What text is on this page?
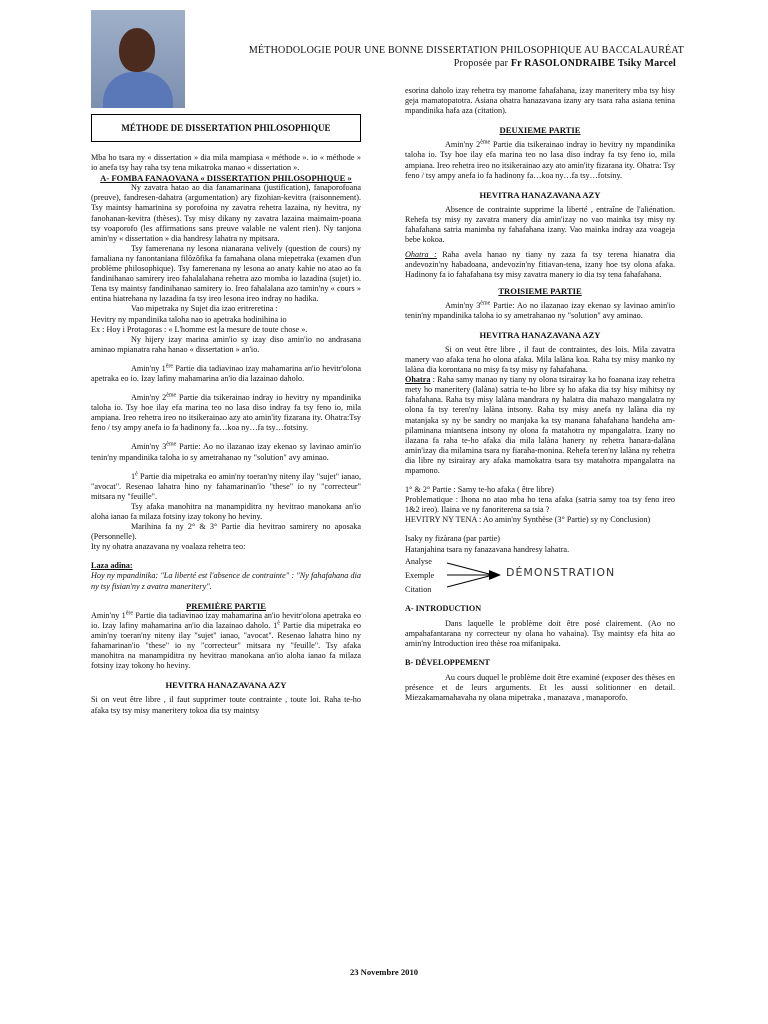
MÉTHODOLOGIE POUR UNE BONNE DISSERTATION PHILOSOPHIQUE AU BACCALAURÉAT
Proposée par Fr RASOLONDRAIBE Tsiky Marcel
MÉTHODE DE DISSERTATION PHILOSOPHIQUE

Mba ho tsara ny « dissertation » dia mila mampiasa « méthode ». io « méthode » io anefa tsy hay raha tsy tena mikatroka manao « dissertation ».

A- FOMBA FANAOVANA « DISSERTATION PHILOSOPHIQUE »

Ny zavatra hatao ao dia fanamarinana (justification), fanaporofoana (preuve), fandresen-dahatra (argumentation) ary fizohian-kevitra (raisonnement). Tsy maintsy hamarinina sy porofoina ny zavatra rehetra lazaina, ny hevitra, ny fanohanan-kevitra (thèses). Tsy misy dikany ny zavatra lazaina maimaim-poana tsy voaporofo (les affirmations sans preuve valable ne valent rien). Ny tanjona amin'ny « dissertation » dia handresy lahatra ny mpitsara.

Tsy famerenana ny lesona nianarana velively (question de cours) ny famaliana ny fanontaniana filôzôfika fa famahana olana miepetraka (examen d'un problème philosophique). Tsy famerenana ny lesona ao anaty kahie no atao ao fa fandinihanao samirery ireo fahalalahana rehetra azo momba io lazadina (sujet) io. Tena tsy maintsy fandinihanao samirery io. Ireo fahalalana azo tamin'ny « cours » entina hiatrehana ny lazadina fa tsy ireo lesona ireo indray no hadika.

Vao mipetraka ny Sujet dia izao eritreretina :

Hevitry ny mpandinika taloha nao io apetraka hodinihina io

Ex : Hoy i Protagoras : « L'homme est la mesure de toute chose ».

Ny hijery izay marina amin'io sy izay diso amin'io no andrasana aminao mpianatra raha hanao « dissertation » an'io.

Amin'ny 1ère Partie dia tadiavinao izay mahamarina an'io hevitr'olona apetraka eo io. Izay lafiny mahamarina an'io dia lazainao daholo.

Amin'ny 2ème Partie dia tsikerainao indray io hevitry ny mpandinika taloha io. Tsy hoe ilay efa marina teo no lasa diso indray fa tsy feno io, mila ampiana. Ireo rehetra ireo no itsikerainao azy ato amin'ity fizarana ity. Ohatra:Tsy feno / tsy ampy anefa io fa hadinony fa…koa ny…fa tsy…fotsiny.

Amin'ny 3ème Partie: Ao no ilazanao izay ekenao sy lavinao amin'io tenin'ny mpandinika taloha io sy ametrahanao ny "solution" avy aminao.

$1^è$ Partie dia mipetraka eo amin'ny toeran'ny niteny ilay "sujet" ianao, "avocat". Resenao lahatra hino ny fahamarinan'io "these" io ny "correcteur" mitsara ny "feuille".

Tsy afaka manohitra na manampiditra ny hevitrao manokana an'io aloha ianao fa milaza fotsiny izay tokony ho heviny.

Marihina fa ny 2° & 3° Partie dia hevitrao samirery no aposaka (Personnelle).

Ity ny ohatra anazavana ny voalaza rehetra teo:

Laza adina:

Hoy ny mpandinika: "La liberté est l'absence de contrainte" : "Ny fahafahana dia ny tsy fisian'ny z avatra maneritery".

PREMIÈRE PARTIE

Amin'ny 1ère Partie dia tadiavinao izay mahamarina an'io hevitr'olona apetraka eo io. Izay lafiny mahamarina an'io dia lazainao daholo. $1^è$ Partie dia mipetraka eo amin'ny toeran'ny niteny ilay "sujet" ianao, "avocat". Resenao lahatra hino ny fahamarinan'io "these" io ny "correcteur" mitsara ny "feuille". Tsy afaka manohitra na manampiditra ny hevitrao manokana an'io aloha ianao fa milaza fotsiny izay tokony ho heviny.

HEVITRA HANAZAVANA AZY

Si on veut être libre , il faut supprimer toute contrainte , toute loi. Raha te-ho afaka tsy tsy misy maneritery tokoa dia tsy maintsy

esorina daholo izay rehetra tsy manome fahafahana, izay maneritery mba tsy hisy geja mamatopatotra. Asiana ohatra hanazavana izany ary tsara raha asiana tenina mpandinika hafa aza (citation).

DEUXIEME PARTIE

Amin'ny 2ème Partie dia tsikerainao indray io hevitry ny mpandinika taloha io. Tsy hoe ilay efa marina teo no lasa diso indray fa tsy feno io, mila ampiana. Ireo rehetra ireo no itsikerainao azy ato amin'ity fizarana ity. Ohatra: Tsy feno / tsy ampy anefa io fa hadinony fa…koa ny…fa tsy…fotsiny.

HEVITRA HANAZAVANA AZY

Absence de contrainte supprime la liberté , entraîne de l'aliénation. Rehefa tsy misy ny zavatra manery dia amin'izay no vao mainka tsy misy ny fahafahana satria manimba ny fahafahana izany. Vao mainka indray aza voageja bebe kokoa.

Ohatra : Raha avela hanao ny tiany ny zaza fa tsy terena hianatra dia andevozin'ny habadoana, andevozin'ny fitiavan-tena, izany hoe tsy olona afaka. Hadinony fa io fahafahana tsy misy zavatra manery io dia tsy tena fahafahana.

TROISIEME PARTIE

Amin'ny 3ème Partie: Ao no ilazanao izay ekenao sy lavinao amin'io tenin'ny mpandinika taloha io sy ametrahanao ny "solution" avy aminao.

HEVITRA HANAZAVANA AZY

Si on veut être libre , il faut de contraintes, des lois. Mila zavatra manery vao afaka tena ho olona afaka. Mila lalàna koa. Raha tsy misy manko ny lalàna dia korontana no misy fa tsy misy ny fahafahana.

Ohatra : Raha samy manao ny tiany ny olona tsirairay ka ho foanana izay rehetra mety ho maneritery (lalàna) satria te-ho libre sy ho afaka dia tsy hisy mihitsy ny fahafahana. Raha tsy misy lalàna mandrara ny halatra dia mahazo mangalatra ny olona fa tsy teren'ny lalàna intsony. Raha tsy misy anefa ny lalàna dia ny matanjaka sy ny be sandry no manjaka ka tsy manana fahafahana handeha am-pilaminana miantsena intsony ny olona fa matahotra ny mpangalatra. Izany no ilazana fa raha te-ho afaka dia mila lalàna hanery ny rehetra hanara-dalàna amin'izay dia milamina tsara ny fiaraha-monina. Rehefa teren'ny lalàna ny rehetra dia libre ny tsirairay ary afaka mamokatra tsara tsy matahotra mpangalatra na mpamono.

1° & 2° Partie : Samy te-ho afaka ( être libre)

Problematique : Ihona no atao mba ho tena afaka (satria samy toa tsy feno ireo 1&2 ireo). Ilaina ve ny fanoriterena sa tsia ?

HEVITRY NY TENA : Ao amin'ny Synthèse (3° Partie) sy ny Conclusion)

Isaky ny fizàrana (par partie)

Hatanjahina tsara ny fanazavana handresy lahatra.

Analyse
Exemple
Citation
DÉMONSTRATION

A- INTRODUCTION

Dans laquelle le problème doit être posé clairement. (Ao no ampahafantarana ny correcteur ny olana ho vahaina). Tsy maintsy efa hita ao amin'ny Introduction ireo thèse roa mifanipaka.

B- DÉVELOPPEMENT

Au cours duquel le problème doit être examiné (exposer des thèses en présence et de leurs arguments. Et les aussi solitionner en detail. Miezakamamahavaha ny olana mipetraka , manazava , manaporofo.

23 Novembre 2010
